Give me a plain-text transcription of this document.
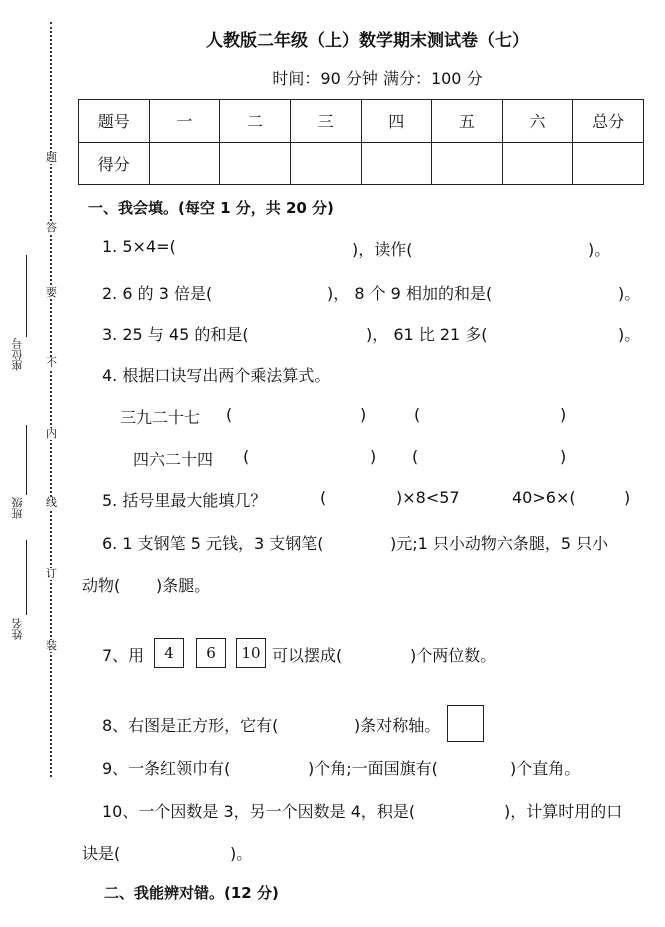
题
答
要
不
内
线
订
装
座位号
班级
姓名
人教版二年级（上）数学期末测试卷（七）
时间：90 分钟 满分：100 分
题号	一	二	三	四	五	六	总分
得分							
一、我会填。(每空 1 分，共 20 分)
1. 5×4=(	)，读作(	)。
2. 6 的 3 倍是(	)， 8 个 9 相加的和是(	)。
3. 25 与 45 的和是(	)， 61 比 21 多(	)。
4. 根据口诀写出两个乘法算式。
三九二十七 (	)	(	)
四六二十四 (	) (	)
5. 括号里最大能填几？	(	)×8<57	40>6×(	)
6. 1 支钢笔 5 元钱，3 支钢笔(	)元;1 只小动物六条腿，5 只小
动物( )条腿。
7、用	4	6	10 可以摆成(	)个两位数。
8、右图是正方形，它有(	)条对称轴。
9、一条红领巾有(	)个角;一面国旗有(	)个直角。
10、一个因数是 3，另一个因数是 4，积是(	)，计算时用的口
诀是(	)。
二、我能辨对错。(12 分)
